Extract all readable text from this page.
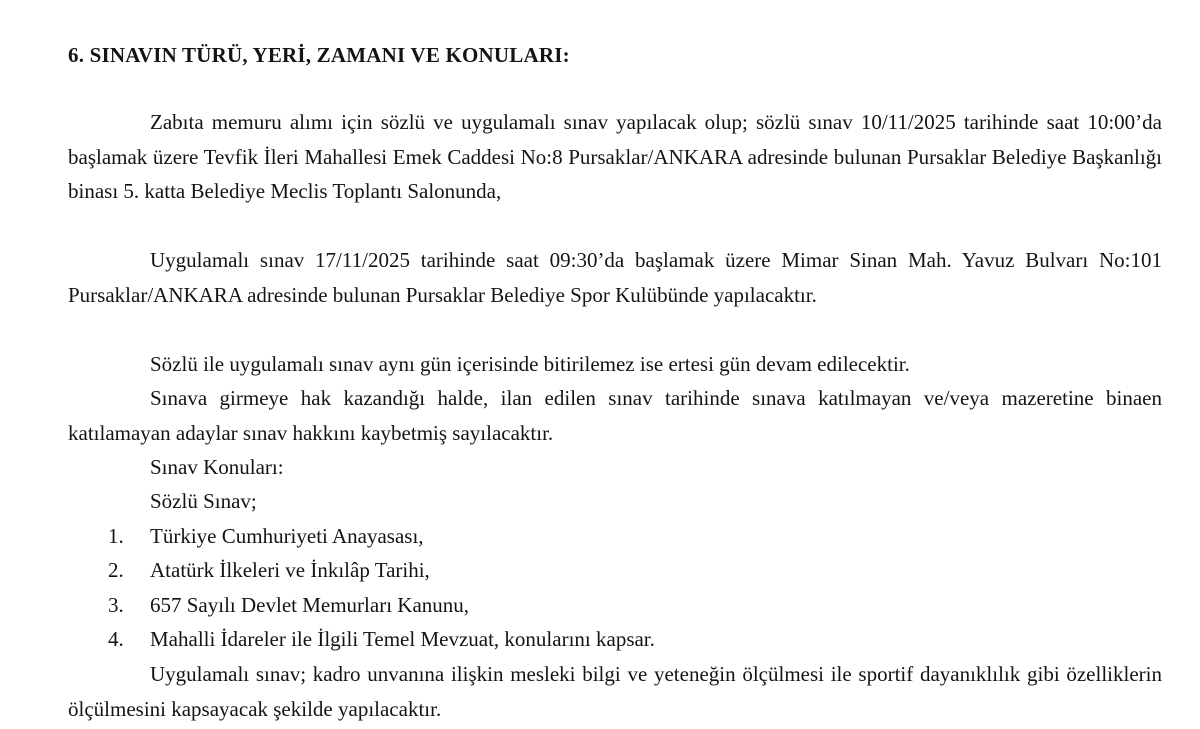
6. SINAVIN TÜRÜ, YERİ, ZAMANI VE KONULARI:

Zabıta memuru alımı için sözlü ve uygulamalı sınav yapılacak olup; sözlü sınav 10/11/2025 tarihinde saat 10:00’da başlamak üzere Tevfik İleri Mahallesi Emek Caddesi No:8 Pursaklar/ANKARA adresinde bulunan Pursaklar Belediye Başkanlığı binası 5. katta Belediye Meclis Toplantı Salonunda,

Uygulamalı sınav 17/11/2025 tarihinde saat 09:30’da başlamak üzere Mimar Sinan Mah. Yavuz Bulvarı No:101 Pursaklar/ANKARA adresinde bulunan Pursaklar Belediye Spor Kulübünde yapılacaktır.

Sözlü ile uygulamalı sınav aynı gün içerisinde bitirilemez ise ertesi gün devam edilecektir.

Sınava girmeye hak kazandığı halde, ilan edilen sınav tarihinde sınava katılmayan ve/veya mazeretine binaen katılamayan adaylar sınav hakkını kaybetmiş sayılacaktır.

Sınav Konuları:
Sözlü Sınav;
1. Türkiye Cumhuriyeti Anayasası,
2. Atatürk İlkeleri ve İnkılâp Tarihi,
3. 657 Sayılı Devlet Memurları Kanunu,
4. Mahalli İdareler ile İlgili Temel Mevzuat, konularını kapsar.

Uygulamalı sınav; kadro unvanına ilişkin mesleki bilgi ve yeteneğin ölçülmesi ile sportif dayanıklılık gibi özelliklerin ölçülmesini kapsayacak şekilde yapılacaktır.
